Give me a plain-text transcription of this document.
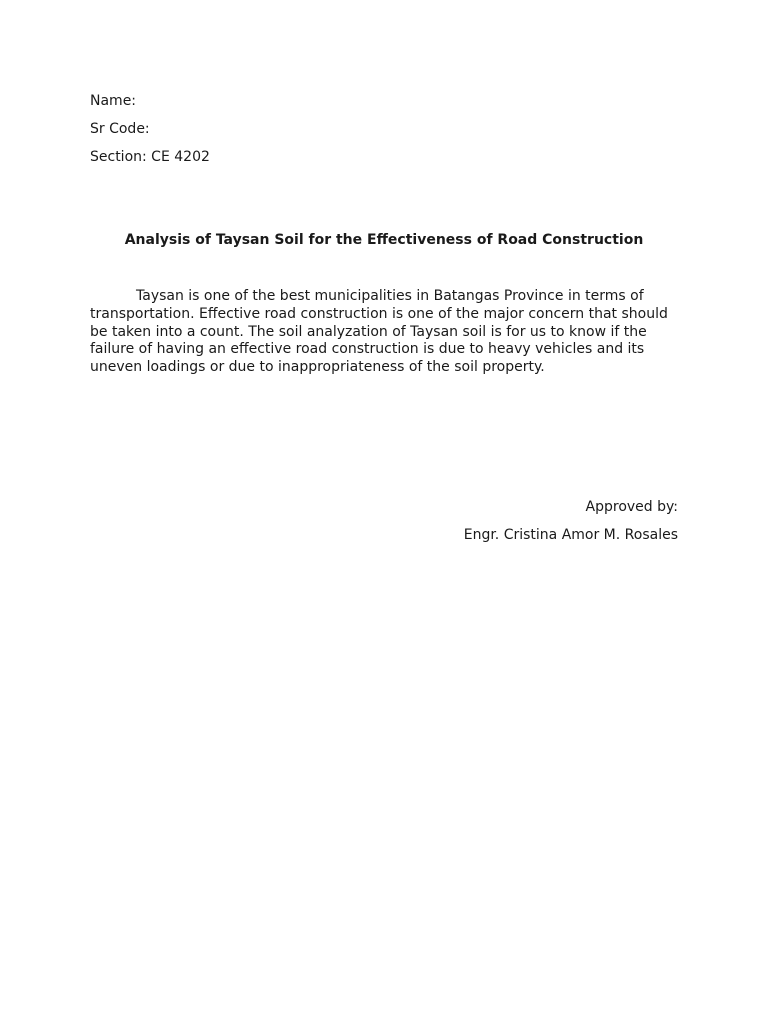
Name:
Sr Code:
Section: CE 4202
Analysis of Taysan Soil for the Effectiveness of Road Construction

Taysan is one of the best municipalities in Batangas Province in terms of transportation. Effective road construction is one of the major concern that should be taken into a count. The soil analyzation of Taysan soil is for us to know if the failure of having an effective road construction is due to heavy vehicles and its uneven loadings or due to inappropriateness of the soil property.

Approved by:
Engr. Cristina Amor M. Rosales
